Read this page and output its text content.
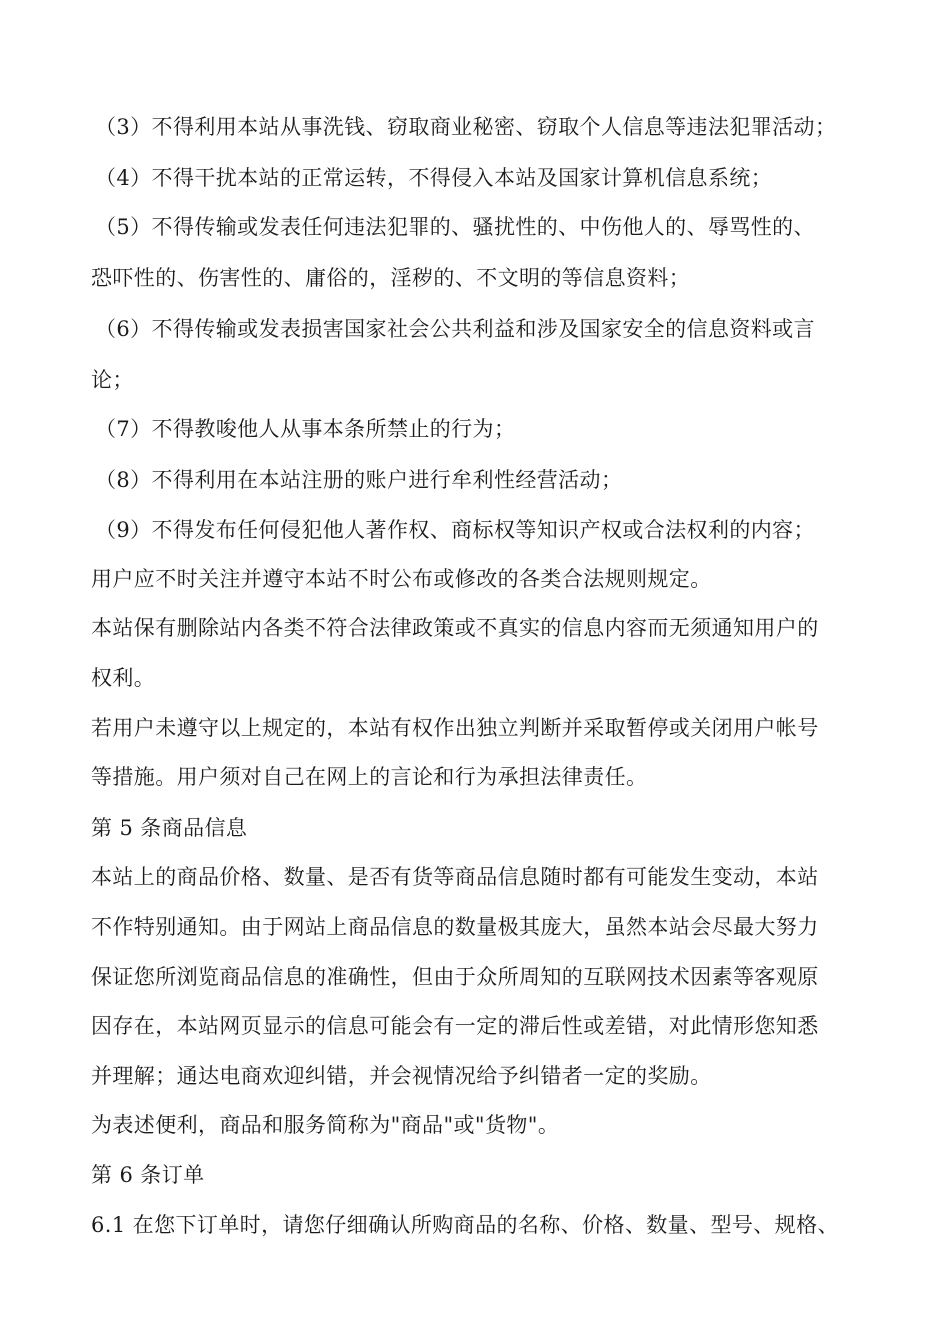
（3）不得利用本站从事洗钱、窃取商业秘密、窃取个人信息等违法犯罪活动；
（4）不得干扰本站的正常运转，不得侵入本站及国家计算机信息系统；
（5）不得传输或发表任何违法犯罪的、骚扰性的、中伤他人的、辱骂性的、
恐吓性的、伤害性的、庸俗的，淫秽的、不文明的等信息资料；
（6）不得传输或发表损害国家社会公共利益和涉及国家安全的信息资料或言
论；
（7）不得教唆他人从事本条所禁止的行为；
（8）不得利用在本站注册的账户进行牟利性经营活动；
（9）不得发布任何侵犯他人著作权、商标权等知识产权或合法权利的内容；
用户应不时关注并遵守本站不时公布或修改的各类合法规则规定。
本站保有删除站内各类不符合法律政策或不真实的信息内容而无须通知用户的
权利。
若用户未遵守以上规定的，本站有权作出独立判断并采取暂停或关闭用户帐号
等措施。用户须对自己在网上的言论和行为承担法律责任。
第 5 条商品信息
本站上的商品价格、数量、是否有货等商品信息随时都有可能发生变动，本站
不作特别通知。由于网站上商品信息的数量极其庞大，虽然本站会尽最大努力
保证您所浏览商品信息的准确性，但由于众所周知的互联网技术因素等客观原
因存在，本站网页显示的信息可能会有一定的滞后性或差错，对此情形您知悉
并理解；通达电商欢迎纠错，并会视情况给予纠错者一定的奖励。
为表述便利，商品和服务简称为"商品"或"货物"。
第 6 条订单
6.1 在您下订单时，请您仔细确认所购商品的名称、价格、数量、型号、规格、
